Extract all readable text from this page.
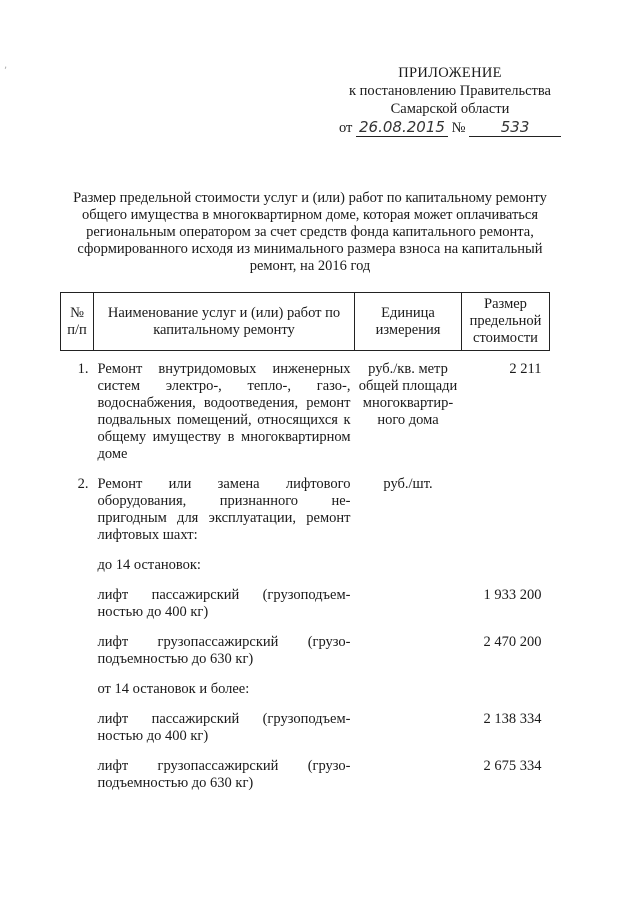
ПРИЛОЖЕНИЕ
к постановлению Правительства
Самарской области
от 26.08.2015 № 533
Размер предельной стоимости услуг и (или) работ по капитальному ремонту общего имущества в многоквартирном доме, которая может оплачиваться региональным оператором за счет средств фонда капитального ремонта, сформированного исходя из минимального размера взноса на капитальный ремонт, на 2016 год
№ п/п	Наименование услуг и (или) работ по капитальному ремонту	Единица измерения	Размер предельной стоимости
1.	Ремонт внутридомовых инженерных систем электро-, тепло-, газо-, водоснабжения, водоотведения, ремонт подвальных помещений, относящихся к общему имуществу в многоквартирном доме	руб./кв. метр общей площади многоквартир-ного дома	2 211
2.	Ремонт или замена лифтового оборудования, признанного не-пригодным для эксплуатации, ремонт лифтовых шахт:	руб./шт.	
	до 14 остановок:		
	лифт пассажирский (грузоподъем-ностью до 400 кг)		1 933 200
	лифт грузопассажирский (грузо-подъемностью до 630 кг)		2 470 200
	от 14 остановок и более:		
	лифт пассажирский (грузоподъем-ностью до 400 кг)		2 138 334
	лифт грузопассажирский (грузо-подъемностью до 630 кг)		2 675 334
,
